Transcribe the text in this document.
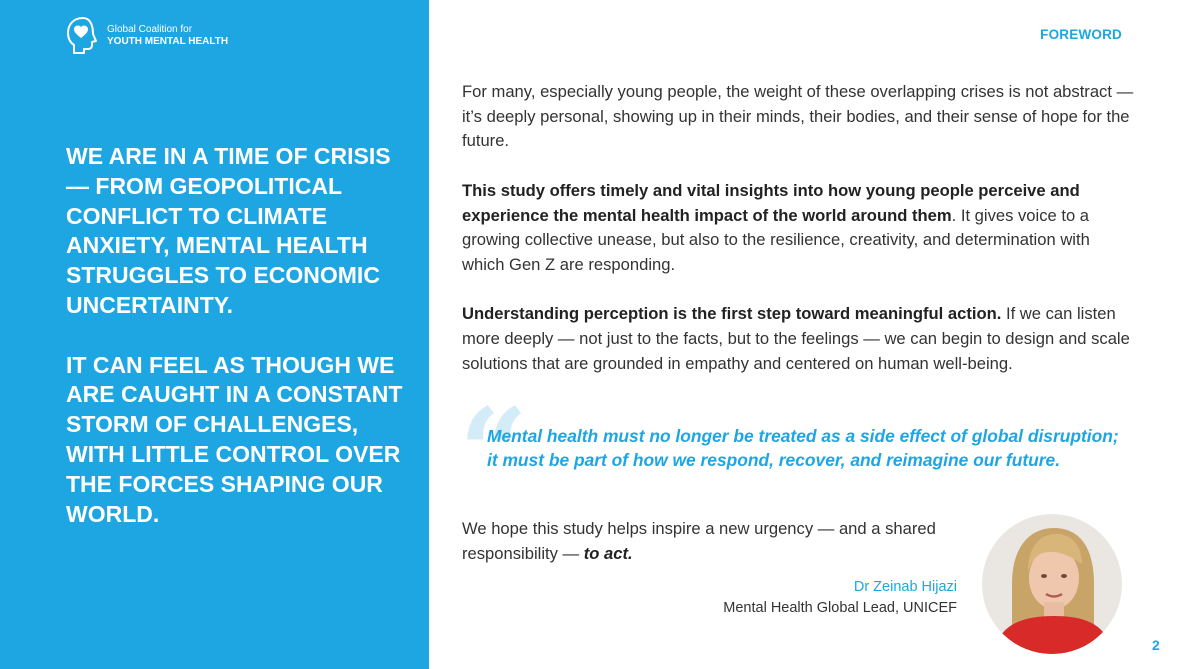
Global Coalition for
YOUTH MENTAL HEALTH

WE ARE IN A TIME OF CRISIS — FROM GEOPOLITICAL CONFLICT TO CLIMATE ANXIETY, MENTAL HEALTH STRUGGLES TO ECONOMIC UNCERTAINTY.

IT CAN FEEL AS THOUGH WE ARE CAUGHT IN A CONSTANT STORM OF CHALLENGES, WITH LITTLE CONTROL OVER THE FORCES SHAPING OUR WORLD.

FOREWORD

For many, especially young people, the weight of these overlapping crises is not abstract — it’s deeply personal, showing up in their minds, their bodies, and their sense of hope for the future.

This study offers timely and vital insights into how young people perceive and experience the mental health impact of the world around them. It gives voice to a growing collective unease, but also to the resilience, creativity, and determination with which Gen Z are responding.

Understanding perception is the first step toward meaningful action. If we can listen more deeply — not just to the facts, but to the feelings — we can begin to design and scale solutions that are grounded in empathy and centered on human well-being.

“

Mental health must no longer be treated as a side effect of global disruption; it must be part of how we respond, recover, and reimagine our future.

We hope this study helps inspire a new urgency — and a shared responsibility — to act.

Dr Zeinab Hijazi
Mental Health Global Lead, UNICEF
2
